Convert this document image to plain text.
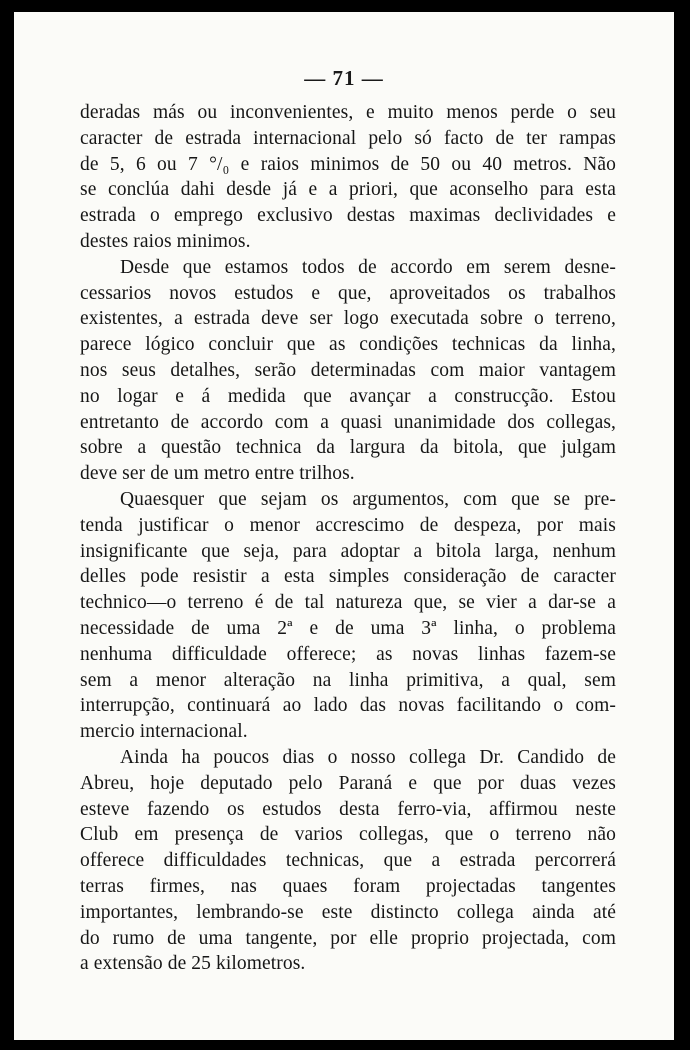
— 71 —
deradas más ou inconvenientes, e muito menos perde o seu
caracter de estrada internacional pelo só facto de ter rampas
de 5, 6 ou 7 °/₀ e raios minimos de 50 ou 40 metros. Não
se conclúa dahi desde já e a priori, que aconselho para esta
estrada o emprego exclusivo destas maximas declividades e
destes raios minimos.
Desde que estamos todos de accordo em serem desne-
cessarios novos estudos e que, aproveitados os trabalhos
existentes, a estrada deve ser logo executada sobre o terreno,
parece lógico concluir que as condições technicas da linha,
nos seus detalhes, serão determinadas com maior vantagem
no logar e á medida que avançar a construcção. Estou
entretanto de accordo com a quasi unanimidade dos collegas,
sobre a questão technica da largura da bitola, que julgam
deve ser de um metro entre trilhos.
Quaesquer que sejam os argumentos, com que se pre-
tenda justificar o menor accrescimo de despeza, por mais
insignificante que seja, para adoptar a bitola larga, nenhum
delles pode resistir a esta simples consideração de caracter
technico—o terreno é de tal natureza que, se vier a dar-se a
necessidade de uma 2ª e de uma 3ª linha, o problema
nenhuma difficuldade offerece; as novas linhas fazem-se
sem a menor alteração na linha primitiva, a qual, sem
interrupção, continuará ao lado das novas facilitando o com-
mercio internacional.
Ainda ha poucos dias o nosso collega Dr. Candido de
Abreu, hoje deputado pelo Paraná e que por duas vezes
esteve fazendo os estudos desta ferro-via, affirmou neste
Club em presença de varios collegas, que o terreno não
offerece difficuldades technicas, que a estrada percorrerá
terras firmes, nas quaes foram projectadas tangentes
importantes, lembrando-se este distincto collega ainda até
do rumo de uma tangente, por elle proprio projectada, com
a extensão de 25 kilometros.
